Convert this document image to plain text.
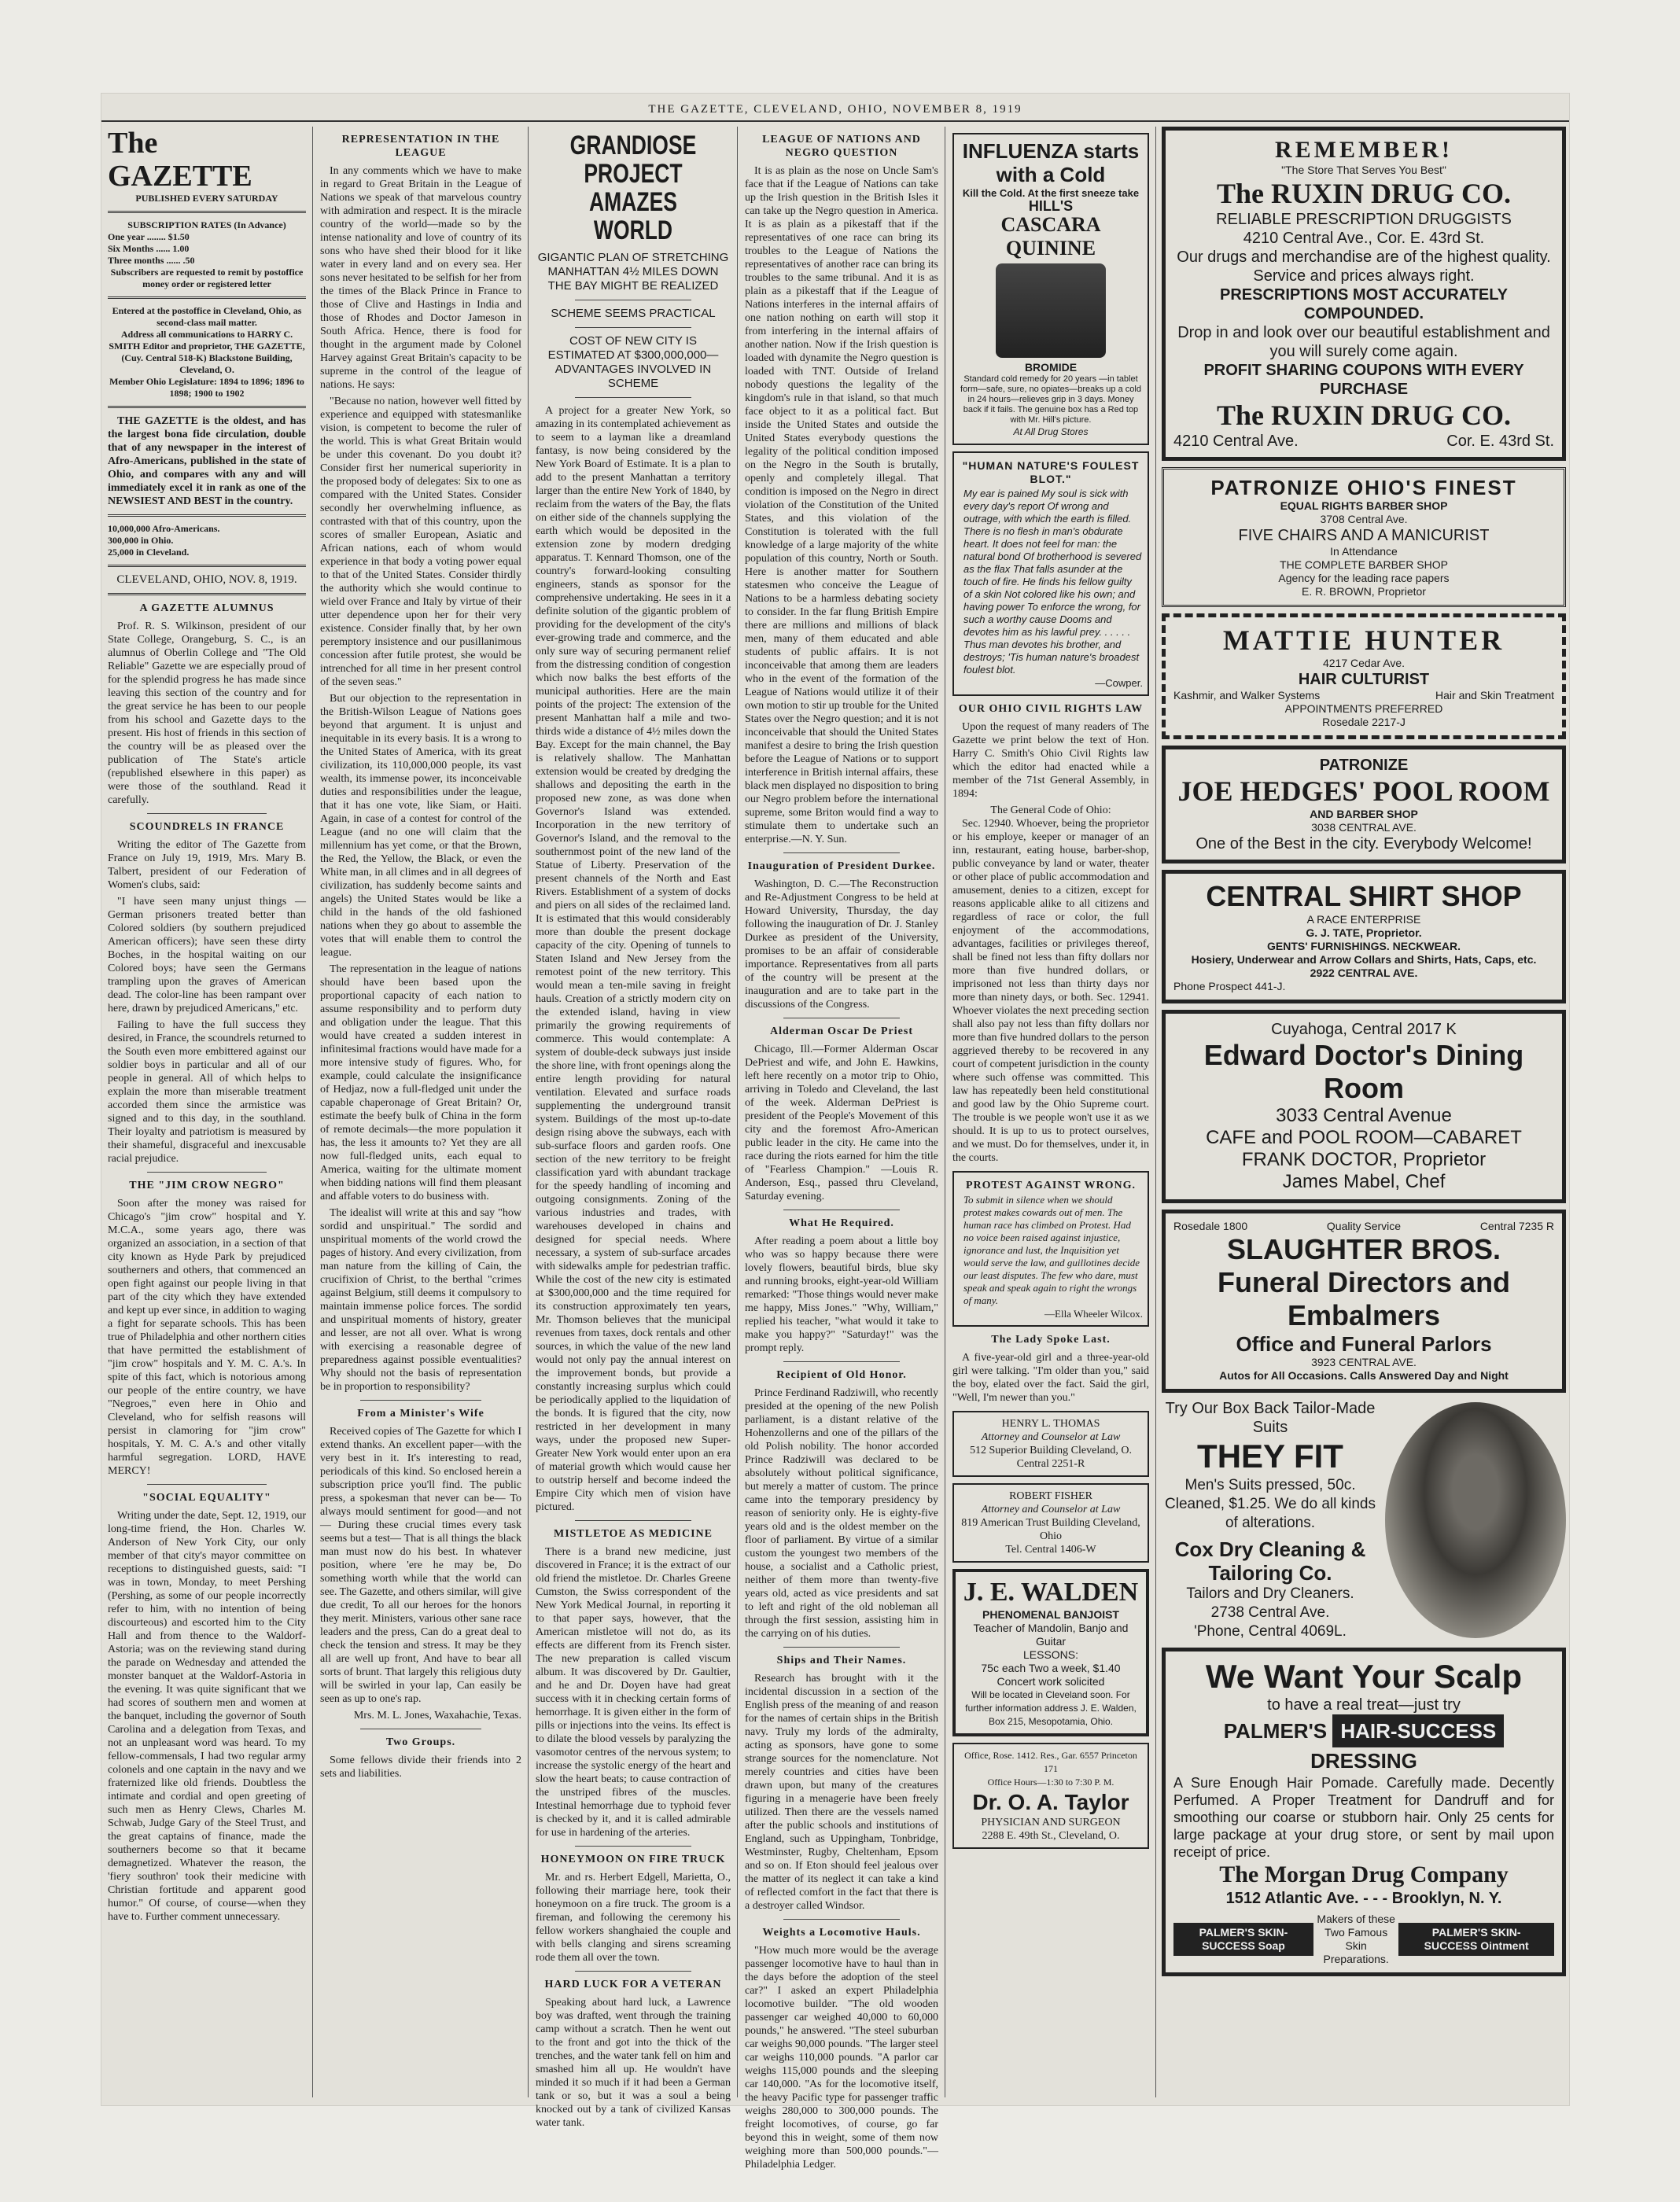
THE GAZETTE, CLEVELAND, OHIO, NOVEMBER 8, 1919
The GAZETTE
PUBLISHED EVERY SATURDAY
SUBSCRIPTION RATES (In Advance)
One year ........ $1.50
Six Months ...... 1.00
Three months ...... .50
Subscribers are requested to remit by postoffice money order or registered letter
Entered at the postoffice in Cleveland, Ohio, as second-class mail matter.
Address all communications to HARRY C. SMITH Editor and proprietor, THE GAZETTE, (Cuy. Central 518-K) Blackstone Building, Cleveland, O.
Member Ohio Legislature: 1894 to 1896; 1896 to 1898; 1900 to 1902

THE GAZETTE is the oldest, and has the largest bona fide circulation, double that of any newspaper in the interest of Afro-Americans, published in the state of Ohio, and compares with any and will immediately excel it in rank as one of the NEWSIEST AND BEST in the country.

10,000,000 Afro-Americans.
300,000 in Ohio.
25,000 in Cleveland.
CLEVELAND, OHIO, NOV. 8, 1919.
A GAZETTE ALUMNUS

Prof. R. S. Wilkinson, president of our State College, Orangeburg, S. C., is an alumnus of Oberlin College and "The Old Reliable" Gazette we are especially proud of for the splendid progress he has made since leaving this section of the country and for the great service he has been to our people from his school and Gazette days to the present. His host of friends in this section of the country will be as pleased over the publication of The State's article (republished elsewhere in this paper) as were those of the southland. Read it carefully.

SCOUNDRELS IN FRANCE

Writing the editor of The Gazette from France on July 19, 1919, Mrs. Mary B. Talbert, president of our Federation of Women's clubs, said:

"I have seen many unjust things —German prisoners treated better than Colored soldiers (by southern prejudiced American officers); have seen these dirty Boches, in the hospital waiting on our Colored boys; have seen the Germans trampling upon the graves of American dead. The color-line has been rampant over here, drawn by prejudiced Americans," etc.

Failing to have the full success they desired, in France, the scoundrels returned to the South even more embittered against our soldier boys in particular and all of our people in general. All of which helps to explain the more than miserable treatment accorded them since the armistice was signed and to this day, in the southland. Their loyalty and patriotism is measured by their shameful, disgraceful and inexcusable racial prejudice.

THE "JIM CROW NEGRO"

Soon after the money was raised for Chicago's "jim crow" hospital and Y. M.C.A., some years ago, there was organized an association, in a section of that city known as Hyde Park by prejudiced southerners and others, that commenced an open fight against our people living in that part of the city which they have extended and kept up ever since, in addition to waging a fight for separate schools. This has been true of Philadelphia and other northern cities that have permitted the establishment of "jim crow" hospitals and Y. M. C. A.'s. In spite of this fact, which is notorious among our people of the entire country, we have "Negroes," even here in Ohio and Cleveland, who for selfish reasons will persist in clamoring for "jim crow" hospitals, Y. M. C. A.'s and other vitally harmful segregation. LORD, HAVE MERCY!

"SOCIAL EQUALITY"

Writing under the date, Sept. 12, 1919, our long-time friend, the Hon. Charles W. Anderson of New York City, our only member of that city's mayor committee on receptions to distinguished guests, said: "I was in town, Monday, to meet Pershing (Pershing, as some of our people incorrectly refer to him, with no intention of being discourteous) and escorted him to the City Hall and from thence to the Waldorf-Astoria; was on the reviewing stand during the parade on Wednesday and attended the monster banquet at the Waldorf-Astoria in the evening. It was quite significant that we had scores of southern men and women at the banquet, including the governor of South Carolina and a delegation from Texas, and not an unpleasant word was heard. To my fellow-commensals, I had two regular army colonels and one captain in the navy and we fraternized like old friends. Doubtless the intimate and cordial and open greeting of such men as Henry Clews, Charles M. Schwab, Judge Gary of the Steel Trust, and the great captains of finance, made the southerners become so that it became demagnetized. Whatever the reason, the 'fiery southron' took their medicine with Christian fortitude and apparent good humor." Of course, of course—when they have to. Further comment unnecessary.

REPRESENTATION IN THE LEAGUE

In any comments which we have to make in regard to Great Britain in the League of Nations we speak of that marvelous country with admiration and respect. It is the miracle country of the world—made so by the intense nationality and love of country of its sons who have shed their blood for it like water in every land and on every sea. Her sons never hesitated to be selfish for her from the times of the Black Prince in France to those of Clive and Hastings in India and those of Rhodes and Doctor Jameson in South Africa. Hence, there is food for thought in the argument made by Colonel Harvey against Great Britain's capacity to be supreme in the control of the league of nations. He says:

"Because no nation, however well fitted by experience and equipped with statesmanlike vision, is competent to become the ruler of the world. This is what Great Britain would be under this covenant. Do you doubt it? Consider first her numerical superiority in the proposed body of delegates: Six to one as compared with the United States. Consider secondly her overwhelming influence, as contrasted with that of this country, upon the scores of smaller European, Asiatic and African nations, each of whom would experience in that body a voting power equal to that of the United States. Consider thirdly the authority which she would continue to wield over France and Italy by virtue of their utter dependence upon her for their very existence. Consider finally that, by her own peremptory insistence and our pusillanimous concession after futile protest, she would be intrenched for all time in her present control of the seven seas."

But our objection to the representation in the British-Wilson League of Nations goes beyond that argument. It is unjust and inequitable in its every basis. It is a wrong to the United States of America, with its great civilization, its 110,000,000 people, its vast wealth, its immense power, its inconceivable duties and responsibilities under the league, that it has one vote, like Siam, or Haiti. Again, in case of a contest for control of the League (and no one will claim that the millennium has yet come, or that the Brown, the Red, the Yellow, the Black, or even the White man, in all climes and in all degrees of civilization, has suddenly become saints and angels) the United States would be like a child in the hands of the old fashioned nations when they go about to assemble the votes that will enable them to control the league.

The representation in the league of nations should have been based upon the proportional capacity of each nation to assume responsibility and to perform duty and obligation under the league. That this would have created a sudden interest in infinitesimal fractions would have made for a more intensive study of figures. Who, for example, could calculate the insignificance of Hedjaz, now a full-fledged unit under the capable chaperonage of Great Britain? Or, estimate the beefy bulk of China in the form of remote decimals—the more population it has, the less it amounts to? Yet they are all now full-fledged units, each equal to America, waiting for the ultimate moment when bidding nations will find them pleasant and affable voters to do business with.

The idealist will write at this and say "how sordid and unspiritual." The sordid and unspiritual moments of the world crowd the pages of history. And every civilization, from man nature from the killing of Cain, the crucifixion of Christ, to the berthal "crimes against Belgium, still deems it compulsory to maintain immense police forces. The sordid and unspiritual moments of history, greater and lesser, are not all over. What is wrong with exercising a reasonable degree of preparedness against possible eventualities? Why should not the basis of representation be in proportion to responsibility?

From a Minister's Wife

Received copies of The Gazette for which I extend thanks. An excellent paper—with the very best in it. It's interesting to read, periodicals of this kind. So enclosed herein a subscription price you'll find. The public press, a spokesman that never can be— To always mould sentiment for good—and not— During these crucial times every task seems but a test— That is all things the black man must now do his best. In whatever position, where 'ere he may be, Do something worth while that the world can see. The Gazette, and others similar, will give due credit, To all our heroes for the honors they merit. Ministers, various other sane race leaders and the press, Can do a great deal to check the tension and stress. It may be they all are well up front, And have to bear all sorts of brunt. That largely this religious duty will be swirled in your lap, Can easily be seen as up to one's rap.

Mrs. M. L. Jones, Waxahachie, Texas.
Two Groups.

Some fellows divide their friends into 2 sets and liabilities.

GRANDIOSE PROJECT AMAZES WORLD
GIGANTIC PLAN OF STRETCHING MANHATTAN 4½ MILES DOWN THE BAY MIGHT BE REALIZED
SCHEME SEEMS PRACTICAL
COST OF NEW CITY IS ESTIMATED AT $300,000,000—ADVANTAGES INVOLVED IN SCHEME

A project for a greater New York, so amazing in its contemplated achievement as to seem to a layman like a dreamland fantasy, is now being considered by the New York Board of Estimate. It is a plan to add to the present Manhattan a territory larger than the entire New York of 1840, by reclaim from the waters of the Bay, the flats on either side of the channels supplying the earth which would be deposited in the extension zone by modern dredging apparatus. T. Kennard Thomson, one of the country's forward-looking consulting engineers, stands as sponsor for the comprehensive undertaking. He sees in it a definite solution of the gigantic problem of providing for the development of the city's ever-growing trade and commerce, and the only sure way of securing permanent relief from the distressing condition of congestion which now balks the best efforts of the municipal authorities. Here are the main points of the project: The extension of the present Manhattan half a mile and two-thirds wide a distance of 4½ miles down the Bay. Except for the main channel, the Bay is relatively shallow. The Manhattan extension would be created by dredging the shallows and depositing the earth in the proposed new zone, as was done when Governor's Island was extended. Incorporation in the new territory of Governor's Island, and the removal to the southernmost point of the new land of the Statue of Liberty. Preservation of the present channels of the North and East Rivers. Establishment of a system of docks and piers on all sides of the reclaimed land. It is estimated that this would considerably more than double the present dockage capacity of the city. Opening of tunnels to Staten Island and New Jersey from the remotest point of the new territory. This would mean a ten-mile saving in freight hauls. Creation of a strictly modern city on the extended island, having in view primarily the growing requirements of commerce. This would contemplate: A system of double-deck subways just inside the shore line, with front openings along the entire length providing for natural ventilation. Elevated and surface roads supplementing the underground transit system. Buildings of the most up-to-date design rising above the subways, each with sub-surface floors and garden roofs. One section of the new territory to be freight classification yard with abundant trackage for the speedy handling of incoming and outgoing consignments. Zoning of the various industries and trades, with warehouses developed in chains and designed for special needs. Where necessary, a system of sub-surface arcades with sidewalks ample for pedestrian traffic. While the cost of the new city is estimated at $300,000,000 and the time required for its construction approximately ten years, Mr. Thomson believes that the municipal revenues from taxes, dock rentals and other sources, in which the value of the new land would not only pay the annual interest on the improvement bonds, but provide a constantly increasing surplus which could be periodically applied to the liquidation of the bonds. It is figured that the city, now restricted in her development in many ways, under the proposed new Super-Greater New York would enter upon an era of material growth which would cause her to outstrip herself and become indeed the Empire City which men of vision have pictured.

MISTLETOE AS MEDICINE

There is a brand new medicine, just discovered in France; it is the extract of our old friend the mistletoe. Dr. Charles Greene Cumston, the Swiss correspondent of the New York Medical Journal, in reporting it to that paper says, however, that the American mistletoe will not do, as its effects are different from its French sister. The new preparation is called viscum album. It was discovered by Dr. Gaultier, and he and Dr. Doyen have had great success with it in checking certain forms of hemorrhage. It is given either in the form of pills or injections into the veins. Its effect is to dilate the blood vessels by paralyzing the vasomotor centres of the nervous system; to increase the systolic energy of the heart and slow the heart beats; to cause contraction of the unstriped fibres of the muscles. Intestinal hemorrhage due to typhoid fever is checked by it, and it is called admirable for use in hardening of the arteries.

HONEYMOON ON FIRE TRUCK

Mr. and rs. Herbert Edgell, Marietta, O., following their marriage here, took their honeymoon on a fire truck. The groom is a fireman, and following the ceremony his fellow workers shanghaied the couple and with bells clanging and sirens screaming rode them all over the town.

HARD LUCK FOR A VETERAN

Speaking about hard luck, a Lawrence boy was drafted, went through the training camp without a scratch. Then he went out to the front and got into the thick of the trenches, and the water tank fell on him and smashed him all up. He wouldn't have minded it so much if it had been a German tank or so, but it was a soul a being knocked out by a tank of civilized Kansas water tank.

LEAGUE OF NATIONS AND NEGRO QUESTION

It is as plain as the nose on Uncle Sam's face that if the League of Nations can take up the Irish question in the British Isles it can take up the Negro question in America. It is as plain as a pikestaff that if the representatives of one race can bring its troubles to the League of Nations the representatives of another race can bring its troubles to the same tribunal. And it is as plain as a pikestaff that if the League of Nations interferes in the internal affairs of one nation nothing on earth will stop it from interfering in the internal affairs of another nation. Now if the Irish question is loaded with dynamite the Negro question is loaded with TNT. Outside of Ireland nobody questions the legality of the kingdom's rule in that island, so that much face object to it as a political fact. But inside the United States and outside the United States everybody questions the legality of the political condition imposed on the Negro in the South is brutally, openly and completely illegal. That condition is imposed on the Negro in direct violation of the Constitution of the United States, and this violation of the Constitution is tolerated with the full knowledge of a large majority of the white population of this country, North or South. Here is another matter for Southern statesmen who conceive the League of Nations to be a harmless debating society to consider. In the far flung British Empire there are millions and millions of black men, many of them educated and able students of public affairs. It is not inconceivable that among them are leaders who in the event of the formation of the League of Nations would utilize it of their own motion to stir up trouble for the United States over the Negro question; and it is not inconceivable that should the United States manifest a desire to bring the Irish question before the League of Nations or to support interference in British internal affairs, these black men displayed no disposition to bring our Negro problem before the international supreme, some Briton would find a way to stimulate them to undertake such an enterprise.—N. Y. Sun.

Inauguration of President Durkee.

Washington, D. C.—The Reconstruction and Re-Adjustment Congress to be held at Howard University, Thursday, the day following the inauguration of Dr. J. Stanley Durkee as president of the University, promises to be an affair of considerable importance. Representatives from all parts of the country will be present at the inauguration and are to take part in the discussions of the Congress.

Alderman Oscar De Priest

Chicago, Ill.—Former Alderman Oscar DePriest and wife, and John E. Hawkins, left here recently on a motor trip to Ohio, arriving in Toledo and Cleveland, the last of the week. Alderman DePriest is president of the People's Movement of this city and the foremost Afro-American public leader in the city. He came into the race during the riots earned for him the title of "Fearless Champion." —Louis R. Anderson, Esq., passed thru Cleveland, Saturday evening.

What He Required.

After reading a poem about a little boy who was so happy because there were lovely flowers, beautiful birds, blue sky and running brooks, eight-year-old William remarked: "Those things would never make me happy, Miss Jones." "Why, William," replied his teacher, "what would it take to make you happy?" "Saturday!" was the prompt reply.

Recipient of Old Honor.

Prince Ferdinand Radziwill, who recently presided at the opening of the new Polish parliament, is a distant relative of the Hohenzollerns and one of the pillars of the old Polish nobility. The honor accorded Prince Radziwill was declared to be absolutely without political significance, but merely a matter of custom. The prince came into the temporary presidency by reason of seniority only. He is eighty-five years old and is the oldest member on the floor of parliament. By virtue of a similar custom the youngest two members of the house, a socialist and a Catholic priest, neither of them more than twenty-five years old, acted as vice presidents and sat to left and right of the old nobleman all through the first session, assisting him in the carrying on of his duties.

Ships and Their Names.

Research has brought with it the incidental discussion in a section of the English press of the meaning of and reason for the names of certain ships in the British navy. Truly my lords of the admiralty, acting as sponsors, have gone to some strange sources for the nomenclature. Not merely countries and cities have been drawn upon, but many of the creatures figuring in a menagerie have been freely utilized. Then there are the vessels named after the public schools and institutions of England, such as Uppingham, Tonbridge, Westminster, Rugby, Cheltenham, Epsom and so on. If Eton should feel jealous over the matter of its neglect it can take a kind of reflected comfort in the fact that there is a destroyer called Windsor.

Weights a Locomotive Hauls.

"How much more would be the average passenger locomotive have to haul than in the days before the adoption of the steel car?" I asked an expert Philadelphia locomotive builder. "The old wooden passenger car weighed 40,000 to 60,000 pounds," he answered. "The steel suburban car weighs 90,000 pounds. "The larger steel car weighs 110,000 pounds. "A parlor car weighs 115,000 pounds and the sleeping car 140,000. "As for the locomotive itself, the heavy Pacific type for passenger traffic weighs 280,000 to 300,000 pounds. The freight locomotives, of course, go far beyond this in weight, some of them now weighing more than 500,000 pounds."—Philadelphia Ledger.

INFLUENZA starts with a Cold
Kill the Cold. At the first sneeze take
HILL'S
CASCARA QUININE
BROMIDE
Standard cold remedy for 20 years —in tablet form—safe, sure, no opiates—breaks up a cold in 24 hours—relieves grip in 3 days. Money back if it fails. The genuine box has a Red top with Mr. Hill's picture.
At All Drug Stores
"HUMAN NATURE'S FOULEST BLOT."
My ear is pained My soul is sick with every day's report Of wrong and outrage, with which the earth is filled. There is no flesh in man's obdurate heart. It does not feel for man: the natural bond Of brotherhood is severed as the flax That falls asunder at the touch of fire. He finds his fellow guilty of a skin Not colored like his own; and having power To enforce the wrong, for such a worthy cause Dooms and devotes him as his lawful prey. . . . . . Thus man devotes his brother, and destroys; 'Tis human nature's broadest foulest blot.
—Cowper.
OUR OHIO CIVIL RIGHTS LAW

Upon the request of many readers of The Gazette we print below the text of Hon. Harry C. Smith's Ohio Civil Rights law which the editor had enacted while a member of the 71st General Assembly, in 1894:

The General Code of Ohio:

Sec. 12940. Whoever, being the proprietor or his employe, keeper or manager of an inn, restaurant, eating house, barber-shop, public conveyance by land or water, theater or other place of public accommodation and amusement, denies to a citizen, except for reasons applicable alike to all citizens and regardless of race or color, the full enjoyment of the accommodations, advantages, facilities or privileges thereof, shall be fined not less than fifty dollars nor more than five hundred dollars, or imprisoned not less than thirty days nor more than ninety days, or both. Sec. 12941. Whoever violates the next preceding section shall also pay not less than fifty dollars nor more than five hundred dollars to the person aggrieved thereby to be recovered in any court of competent jurisdiction in the county where such offense was committed. This law has repeatedly been held constitutional and good law by the Ohio Supreme court. The trouble is we people won't use it as we should. It is up to us to protect ourselves, and we must. Do for themselves, under it, in the courts.

PROTEST AGAINST WRONG.
To submit in silence when we should protest makes cowards out of men. The human race has climbed on Protest. Had no voice been raised against injustice, ignorance and lust, the Inquisition yet would serve the law, and guillotines decide our least disputes. The few who dare, must speak and speak again to right the wrongs of many.
—Ella Wheeler Wilcox.
The Lady Spoke Last.

A five-year-old girl and a three-year-old girl were talking. "I'm older than you," said the boy, elated over the fact. Said the girl, "Well, I'm newer than you."

HENRY L. THOMAS
Attorney and Counselor at Law
512 Superior Building Cleveland, O.
Central 2251-R
ROBERT FISHER
Attorney and Counselor at Law
819 American Trust Building Cleveland, Ohio
Tel. Central 1406-W
J. E. WALDEN
PHENOMENAL BANJOIST
Teacher of Mandolin, Banjo and Guitar
LESSONS:
75c each Two a week, $1.40
Concert work solicited
Will be located in Cleveland soon. For further information address J. E. Walden, Box 215, Mesopotamia, Ohio.
Office, Rose. 1412. Res., Gar. 6557 Princeton 171
Office Hours—1:30 to 7:30 P. M.
Dr. O. A. Taylor
PHYSICIAN AND SURGEON
2288 E. 49th St., Cleveland, O.
REMEMBER!
"The Store That Serves You Best"
The RUXIN DRUG CO.
RELIABLE PRESCRIPTION DRUGGISTS
4210 Central Ave., Cor. E. 43rd St.
Our drugs and merchandise are of the highest quality. Service and prices always right.
PRESCRIPTIONS MOST ACCURATELY COMPOUNDED.
Drop in and look over our beautiful establishment and you will surely come again.
PROFIT SHARING COUPONS WITH EVERY PURCHASE
The RUXIN DRUG CO.
4210 Central Ave.	Cor. E. 43rd St.
PATRONIZE OHIO'S FINEST
EQUAL RIGHTS BARBER SHOP
3708 Central Ave.
FIVE CHAIRS AND A MANICURIST
In Attendance
THE COMPLETE BARBER SHOP
Agency for the leading race papers
E. R. BROWN, Proprietor
MATTIE HUNTER
4217 Cedar Ave.
HAIR CULTURIST
Kashmir, and Walker Systems	Hair and Skin Treatment
APPOINTMENTS PREFERRED
Rosedale 2217-J
PATRONIZE
JOE HEDGES' POOL ROOM
AND BARBER SHOP
3038 CENTRAL AVE.
One of the Best in the city. Everybody Welcome!
CENTRAL SHIRT SHOP
A RACE ENTERPRISE
G. J. TATE, Proprietor.
GENTS' FURNISHINGS. NECKWEAR.
Hosiery, Underwear and Arrow Collars and Shirts, Hats, Caps, etc.
2922 CENTRAL AVE.
Phone Prospect 441-J.
Cuyahoga, Central 2017 K
Edward Doctor's Dining Room
3033 Central Avenue
CAFE and POOL ROOM—CABARET
FRANK DOCTOR, Proprietor
James Mabel, Chef
Rosedale 1800	Quality Service	Central 7235 R
SLAUGHTER BROS.
Funeral Directors and Embalmers
Office and Funeral Parlors
3923 CENTRAL AVE.
Autos for All Occasions. Calls Answered Day and Night
Try Our Box Back Tailor-Made Suits
THEY FIT
Men's Suits pressed, 50c. Cleaned, $1.25. We do all kinds of alterations.
Cox Dry Cleaning & Tailoring Co.
Tailors and Dry Cleaners.
2738 Central Ave.
'Phone, Central 4069L.
We Want Your Scalp
to have a real treat—just try
PALMER'S HAIR-SUCCESS DRESSING
A Sure Enough Hair Pomade. Carefully made. Decently Perfumed. A Proper Treatment for Dandruff and for smoothing our coarse or stubborn hair. Only 25 cents for large package at your drug store, or sent by mail upon receipt of price.
The Morgan Drug Company
1512 Atlantic Ave. - - - Brooklyn, N. Y.
PALMER'S SKIN-SUCCESS Soap
Makers of these Two Famous Skin Preparations.
PALMER'S SKIN-SUCCESS Ointment
